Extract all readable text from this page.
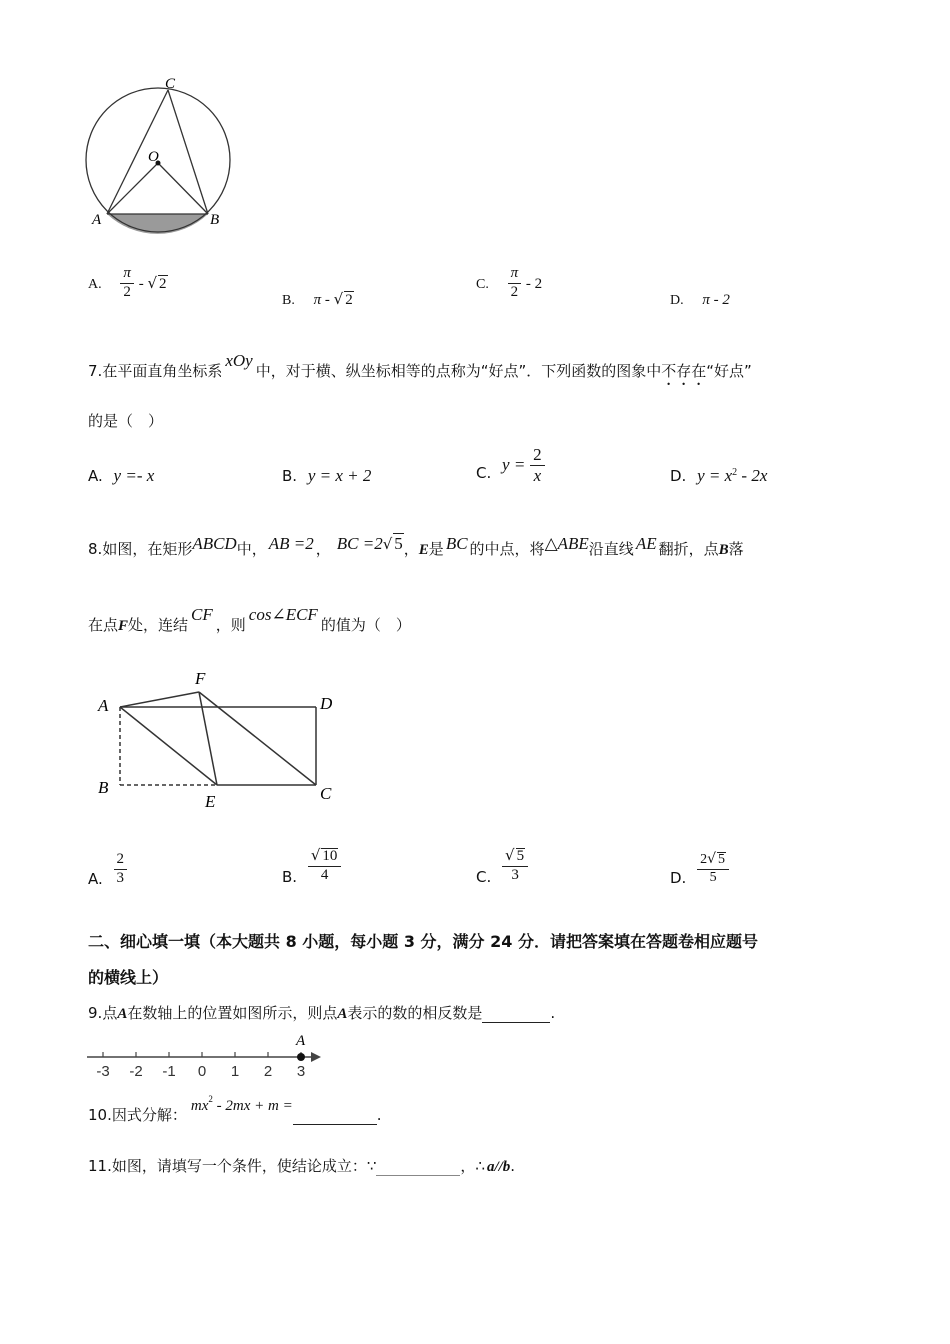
C
O
A	B
A. $\frac{\pi}{2}$ - √ 2
B. π - √ 2
C. $\frac{\pi}{2} - 2$
D. π - 2
7.在平面直角坐标系xOy中，对于横、纵坐标相等的点称为“好点”．下列函数的图象中不存在“好点”
的是（　）
A. y =- x	B. y = x + 2	C. $y = \frac{2}{x}$	D. $y = x^2 - 2x$
8.如图，在矩形ABCD中， AB =2 ， BC =2√ 5，E是 BC 的中点，将△ABE沿直线 AE 翻折，点B落
在点F处，连结CF，则cos∠ECF的值为（　）
A
F
D
B
E	C
A. $\frac{2}{3}$	B. $\frac{√ 10}{4}$	C. $\frac{√ 5}{3}$	D. $\frac{2√ 5}{5}$
二、细心填一填（本大题共 8 小题，每小题 3 分，满分 24 分．请把答案填在答题卷相应题号
的横线上）
9.点A在数轴上的位置如图所示，则点A表示的数的相反数是	.
A
-3 -2 -1 0 1 2 3
10.因式分解： $mx^2 - 2mx + m$ =	.
11.如图，请填写一个条件，使结论成立：∵	，∴ a//b.
